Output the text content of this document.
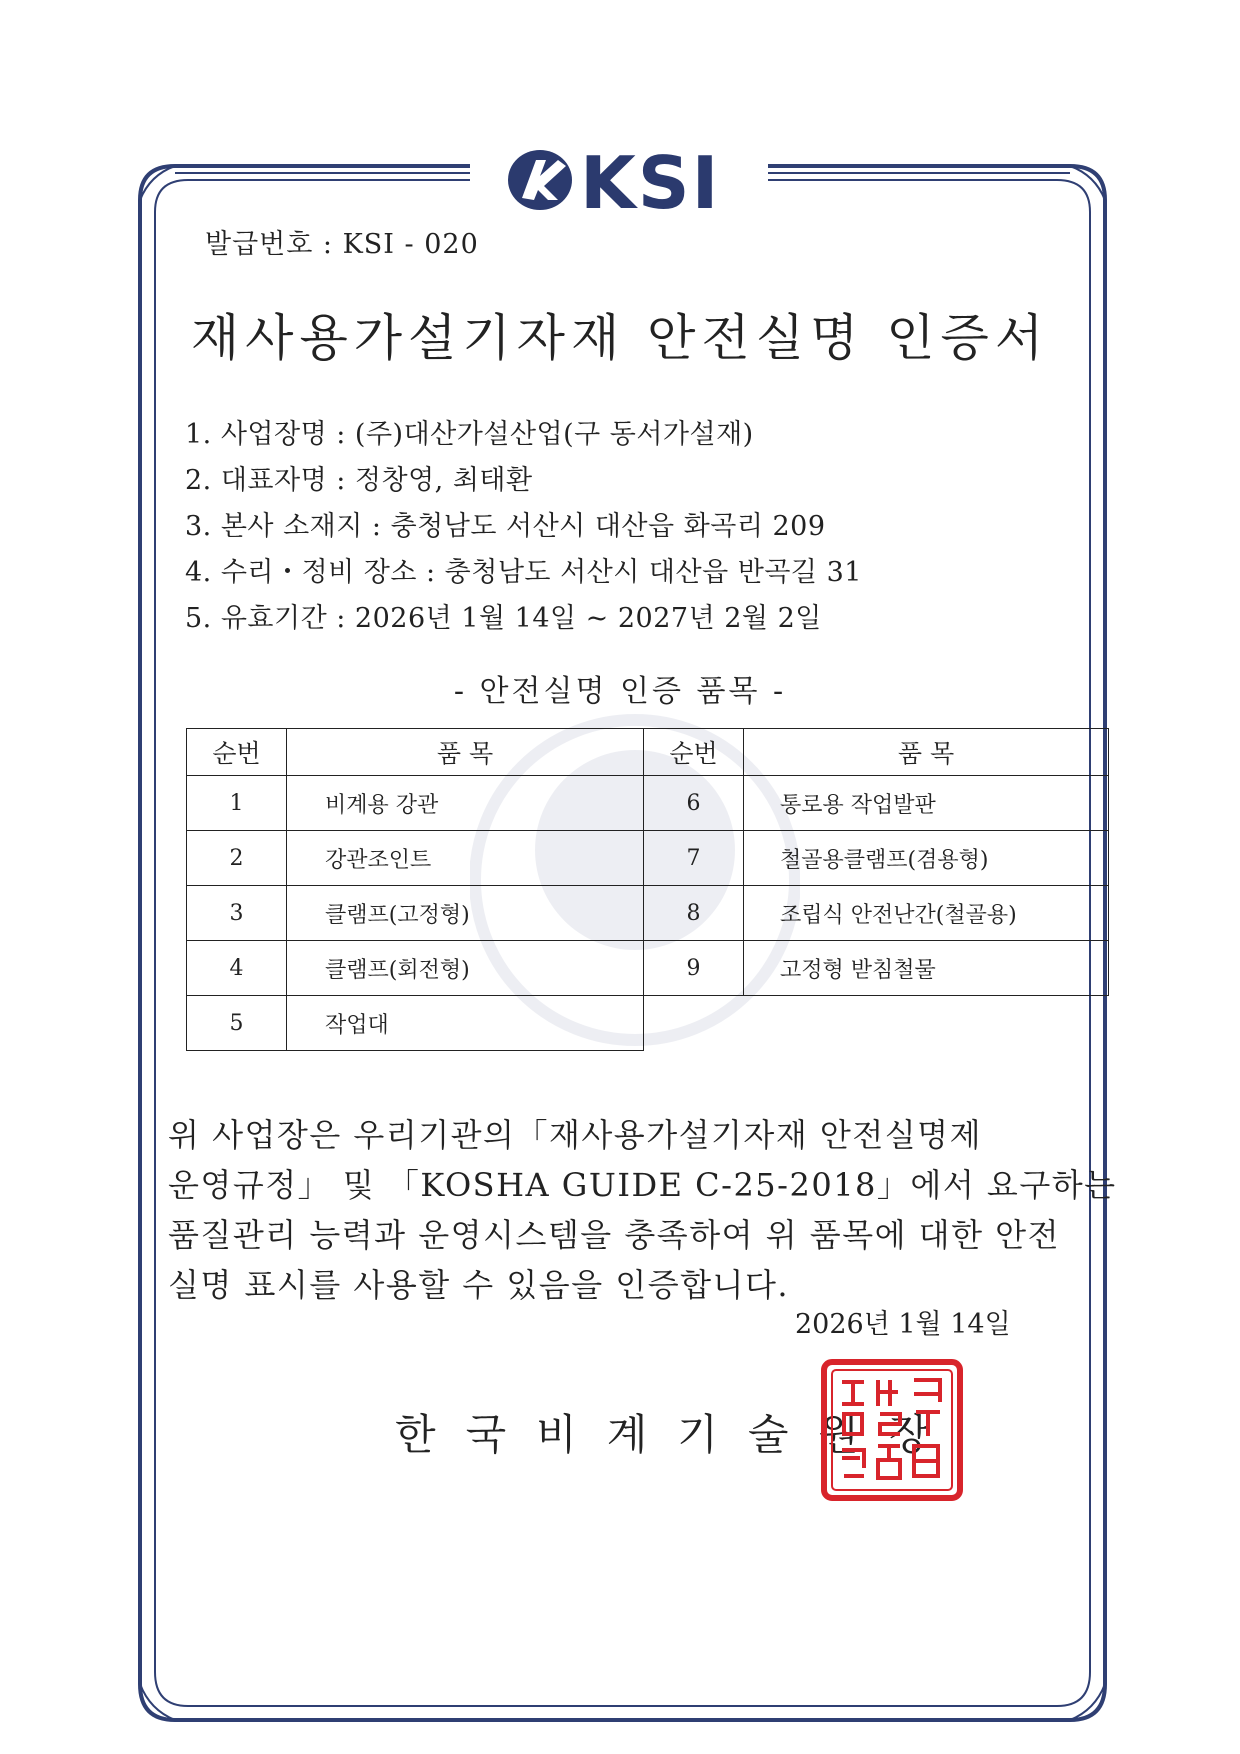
KSI
발급번호 : KSI - 020
재사용가설기자재 안전실명 인증서
1. 사업장명 : (주)대산가설산업(구 동서가설재)
2. 대표자명 : 정창영, 최태환
3. 본사 소재지 : 충청남도 서산시 대산읍 화곡리 209
4. 수리・정비 장소 : 충청남도 서산시 대산읍 반곡길 31
5. 유효기간 : 2026년 1월 14일 ~ 2027년 2월 2일
- 안전실명 인증 품목 -
순번	품 목	순번	품 목
1	비계용 강관	6	통로용 작업발판
2	강관조인트	7	철골용클램프(겸용형)
3	클램프(고정형)	8	조립식 안전난간(철골용)
4	클램프(회전형)	9	고정형 받침철물
5	작업대		
위 사업장은 우리기관의「재사용가설기자재 안전실명제
운영규정」 및 「KOSHA GUIDE C-25-2018」에서 요구하는
품질관리 능력과 운영시스템을 충족하여 위 품목에 대한 안전
실명 표시를 사용할 수 있음을 인증합니다.
2026년 1월 14일
한국비계기술원장
재단법인한국비계기술원장인
